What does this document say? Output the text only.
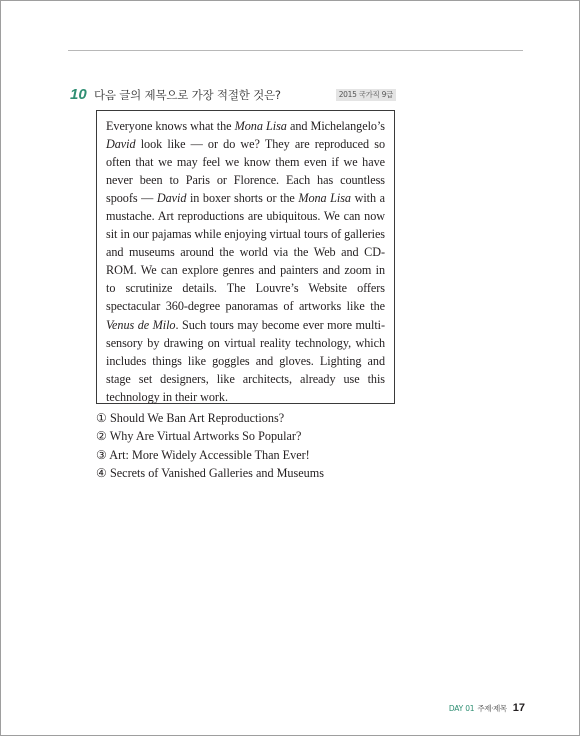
10 다음 글의 제목으로 가장 적절한 것은?	2015 국가직 9급

Everyone knows what the Mona Lisa and Michelangelo’s David look like — or do we? They are reproduced so often that we may feel we know them even if we have never been to Paris or Florence. Each has countless spoofs — David in boxer shorts or the Mona Lisa with a mustache. Art reproductions are ubiquitous. We can now sit in our pajamas while enjoying virtual tours of galleries and museums around the world via the Web and CD-ROM. We can explore genres and painters and zoom in to scrutinize details. The Louvre’s Website offers spectacular 360-degree panoramas of artworks like the Venus de Milo. Such tours may become ever more multi-sensory by drawing on virtual reality technology, which includes things like goggles and gloves. Lighting and stage set designers, like architects, already use this technology in their work.

① Should We Ban Art Reproductions?
② Why Are Virtual Artworks So Popular?
③ Art: More Widely Accessible Than Ever!
④ Secrets of Vanished Galleries and Museums
DAY 01 주제·제목 17
